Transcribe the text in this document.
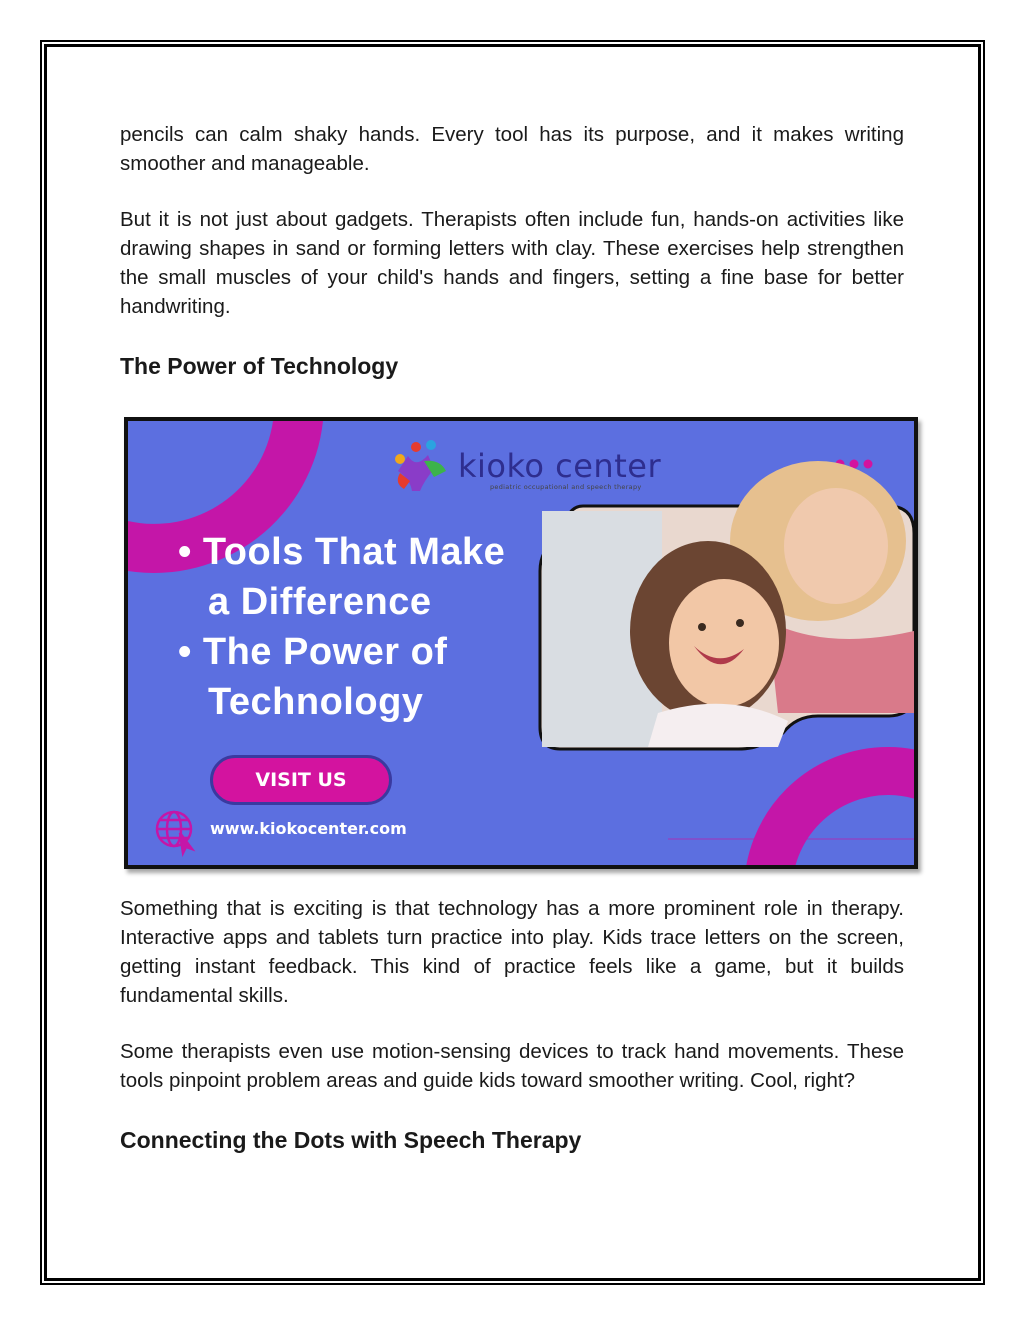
pencils can calm shaky hands. Every tool has its purpose, and it makes writing smoother and manageable.

But it is not just about gadgets. Therapists often include fun, hands-on activities like drawing shapes in sand or forming letters with clay. These exercises help strengthen the small muscles of your child's hands and fingers, setting a fine base for better handwriting.

The Power of Technology
kioko center
pediatric occupational and speech therapy
• Tools That Make
a Difference
• The Power of
Technology
VISIT US
www.kiokocenter.com

Something that is exciting is that technology has a more prominent role in therapy. Interactive apps and tablets turn practice into play. Kids trace letters on the screen, getting instant feedback. This kind of practice feels like a game, but it builds fundamental skills.

Some therapists even use motion-sensing devices to track hand movements. These tools pinpoint problem areas and guide kids toward smoother writing. Cool, right?

Connecting the Dots with Speech Therapy
